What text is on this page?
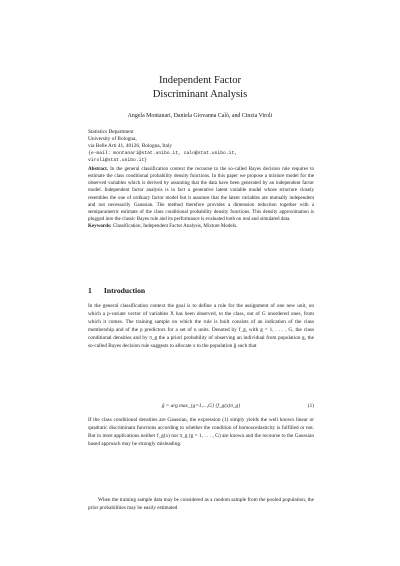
Independent Factor
Discriminant Analysis
Angela Montanari, Daniela Giovanna Calò, and Cinzia Viroli
Statistics Department
University of Bologna,
via Belle Arti 41, 40126, Bologna, Italy
{e-mail: montanari@stat.unibo.it, calo@stat.unibo.it,
viroli@stat.unibo.it}
Abstract. In the general classification context the recourse to the so-called Bayes decision rule requires to estimate the class conditional probability density functions. In this paper we propose a mixture model for the observed variables which is derived by assuming that the data have been generated by an independent factor model. Independent factor analysis is in fact a generative latent variable model whose structure closely resembles the one of ordinary factor model but it assumes that the latent variables are mutually independent and not necessarily Gaussian. The method therefore provides a dimension reduction together with a semiparametric estimate of the class conditional probability density functions. This density approximation is plugged into the classic Bayes rule and its performance is evaluated both on real and simulated data.
Keywords: Classification, Independent Factor Analysis, Mixture Models.
1 Introduction

In the general classification context the goal is to define a rule for the assignment of one new unit, on which a p-variate vector of variables X has been observed, to the class, out of G unordered ones, from which it comes. The training sample on which the rule is built consists of an indication of the class membership and of the p predictors for a set of n units. Denoted by f_g, with g = 1, . . . , G, the class conditional densities and by π_g the a priori probability of observing an individual from population g, the so-called Bayes decision rule suggests to allocate x to the population ĝ such that

ĝ = arg max_{g=1,...,G} {f_g(x)π_g}	(1)

If the class conditional densities are Gaussian, the expression (1) simply yields the well known linear or quadratic discriminant functions according to whether the condition of homoscedasticity is fulfilled or not. But in most applications neither f_g(x) nor π_g (g = 1, . . . , G) are known and the recourse to the Gaussian based approach may be strongly misleading.

When the training sample data may be considered as a random sample from the pooled population, the prior probabilities may be easily estimated
